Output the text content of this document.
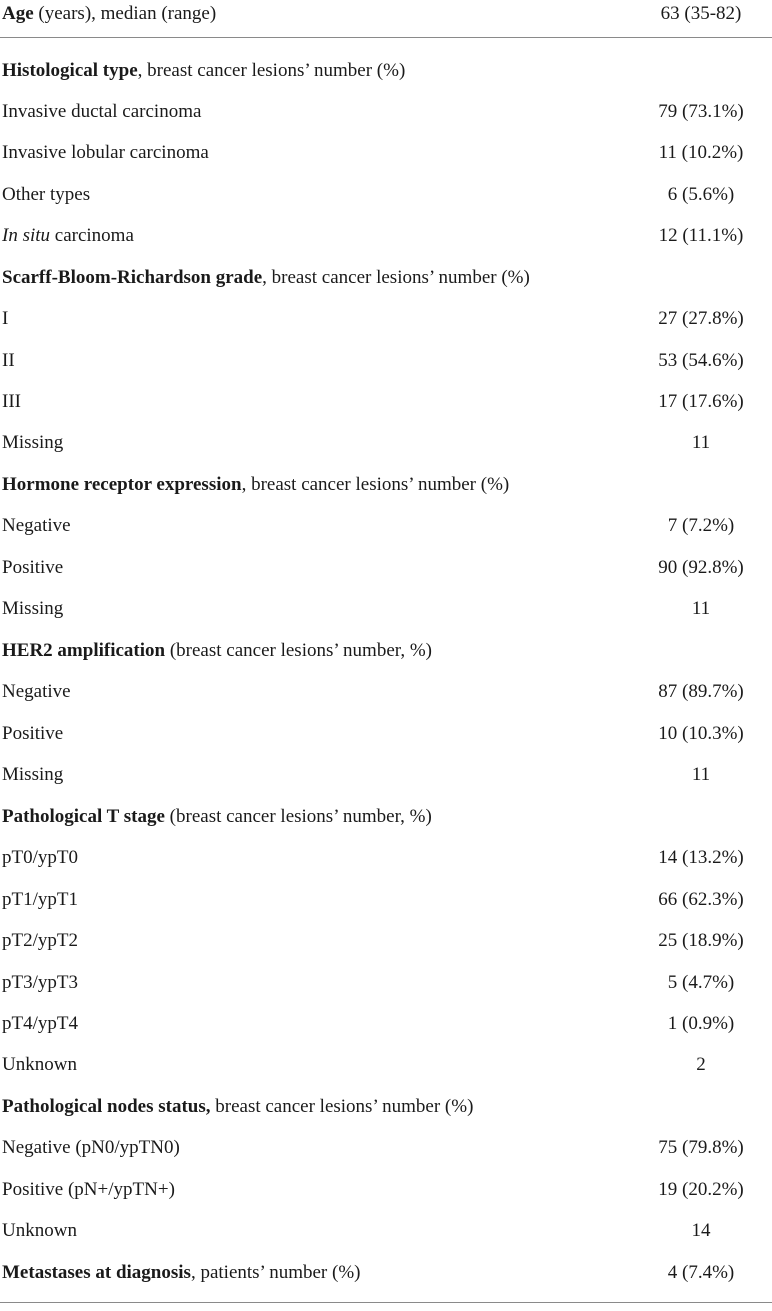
Age (years), median (range)	63 (35-82)
Histological type, breast cancer lesions’ number (%)
Invasive ductal carcinoma	79 (73.1%)
Invasive lobular carcinoma	11 (10.2%)
Other types	6 (5.6%)
In situ carcinoma	12 (11.1%)
Scarff-Bloom-Richardson grade, breast cancer lesions’ number (%)
I	27 (27.8%)
II	53 (54.6%)
III	17 (17.6%)
Missing	11
Hormone receptor expression, breast cancer lesions’ number (%)
Negative	7 (7.2%)
Positive	90 (92.8%)
Missing	11
HER2 amplification (breast cancer lesions’ number, %)
Negative	87 (89.7%)
Positive	10 (10.3%)
Missing	11
Pathological T stage (breast cancer lesions’ number, %)
pT0/ypT0	14 (13.2%)
pT1/ypT1	66 (62.3%)
pT2/ypT2	25 (18.9%)
pT3/ypT3	5 (4.7%)
pT4/ypT4	1 (0.9%)
Unknown	2
Pathological nodes status, breast cancer lesions’ number (%)
Negative (pN0/ypTN0)	75 (79.8%)
Positive (pN+/ypTN+)	19 (20.2%)
Unknown	14
Metastases at diagnosis, patients’ number (%)	4 (7.4%)
